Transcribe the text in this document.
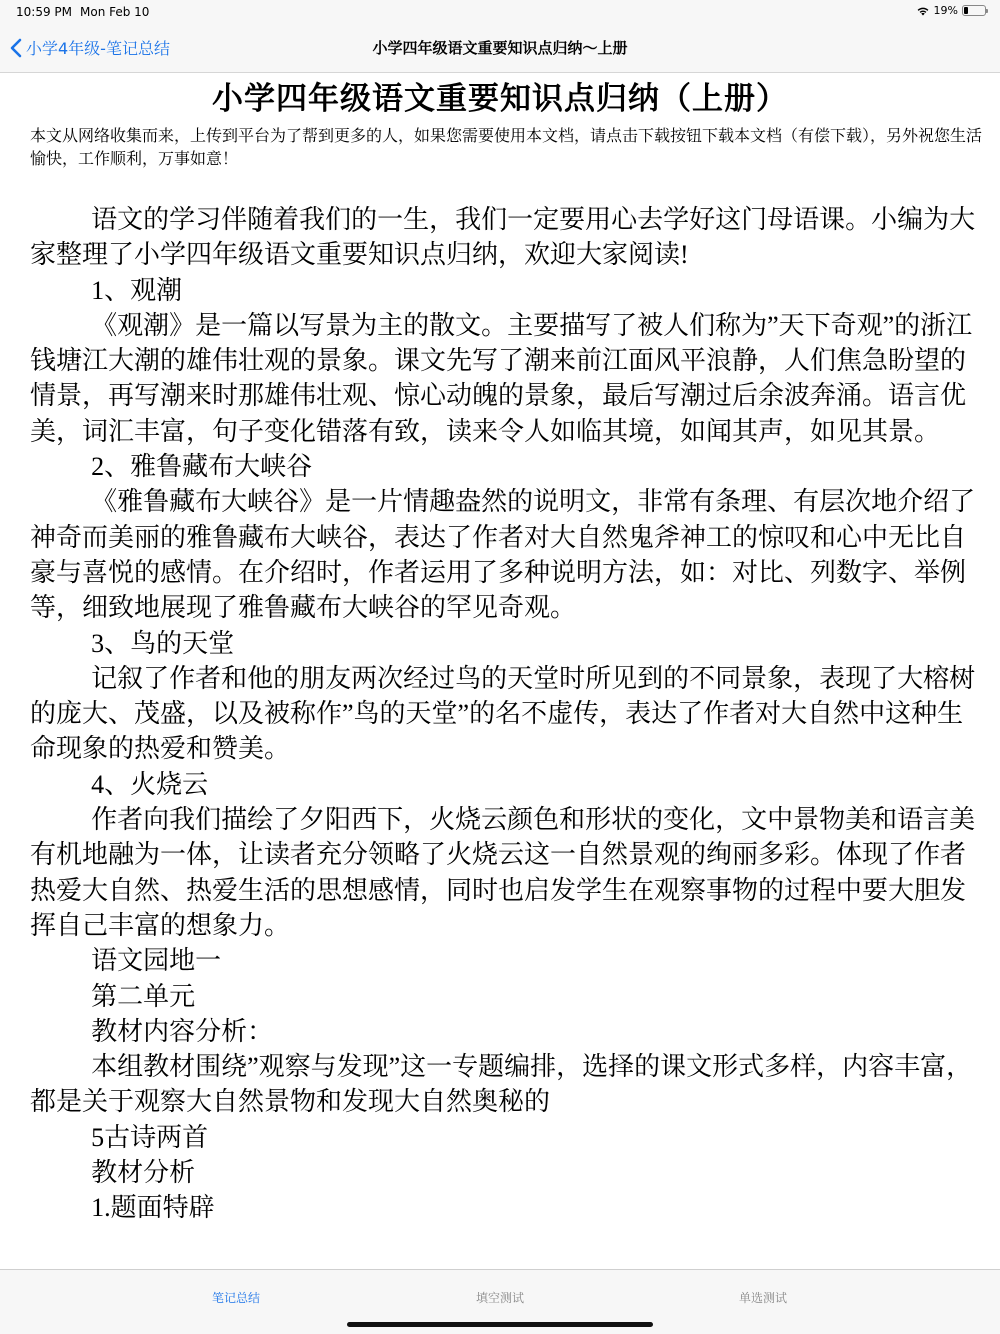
10:59 PM Mon Feb 10	19%
小学4年级-笔记总结	小学四年级语文重要知识点归纳～上册
小学四年级语文重要知识点归纳（上册）
本文从网络收集而来，上传到平台为了帮到更多的人，如果您需要使用本文档，请点击下载按钮下载本文档（有偿下载），另外祝您生活愉快，工作顺利，万事如意！

语文的学习伴随着我们的一生，我们一定要用心去学好这门母语课。小编为大家整理了小学四年级语文重要知识点归纳，欢迎大家阅读!

1、观潮

《观潮》是一篇以写景为主的散文。主要描写了被人们称为”天下奇观”的浙江钱塘江大潮的雄伟壮观的景象。课文先写了潮来前江面风平浪静，人们焦急盼望的情景，再写潮来时那雄伟壮观、惊心动魄的景象，最后写潮过后余波奔涌。语言优美，词汇丰富，句子变化错落有致，读来令人如临其境，如闻其声，如见其景。

2、雅鲁藏布大峡谷

《雅鲁藏布大峡谷》是一片情趣盎然的说明文，非常有条理、有层次地介绍了神奇而美丽的雅鲁藏布大峡谷，表达了作者对大自然鬼斧神工的惊叹和心中无比自豪与喜悦的感情。在介绍时，作者运用了多种说明方法，如：对比、列数字、举例等，细致地展现了雅鲁藏布大峡谷的罕见奇观。

3、鸟的天堂

记叙了作者和他的朋友两次经过鸟的天堂时所见到的不同景象，表现了大榕树的庞大、茂盛，以及被称作”鸟的天堂”的名不虚传，表达了作者对大自然中这种生命现象的热爱和赞美。

4、火烧云

作者向我们描绘了夕阳西下，火烧云颜色和形状的变化，文中景物美和语言美有机地融为一体，让读者充分领略了火烧云这一自然景观的绚丽多彩。体现了作者热爱大自然、热爱生活的思想感情，同时也启发学生在观察事物的过程中要大胆发挥自己丰富的想象力。

语文园地一

第二单元

教材内容分析：

本组教材围绕”观察与发现”这一专题编排，选择的课文形式多样，内容丰富，都是关于观察大自然景物和发现大自然奥秘的

5古诗两首

教材分析

1.题面特辟

笔记总结	填空测试	单选测试
